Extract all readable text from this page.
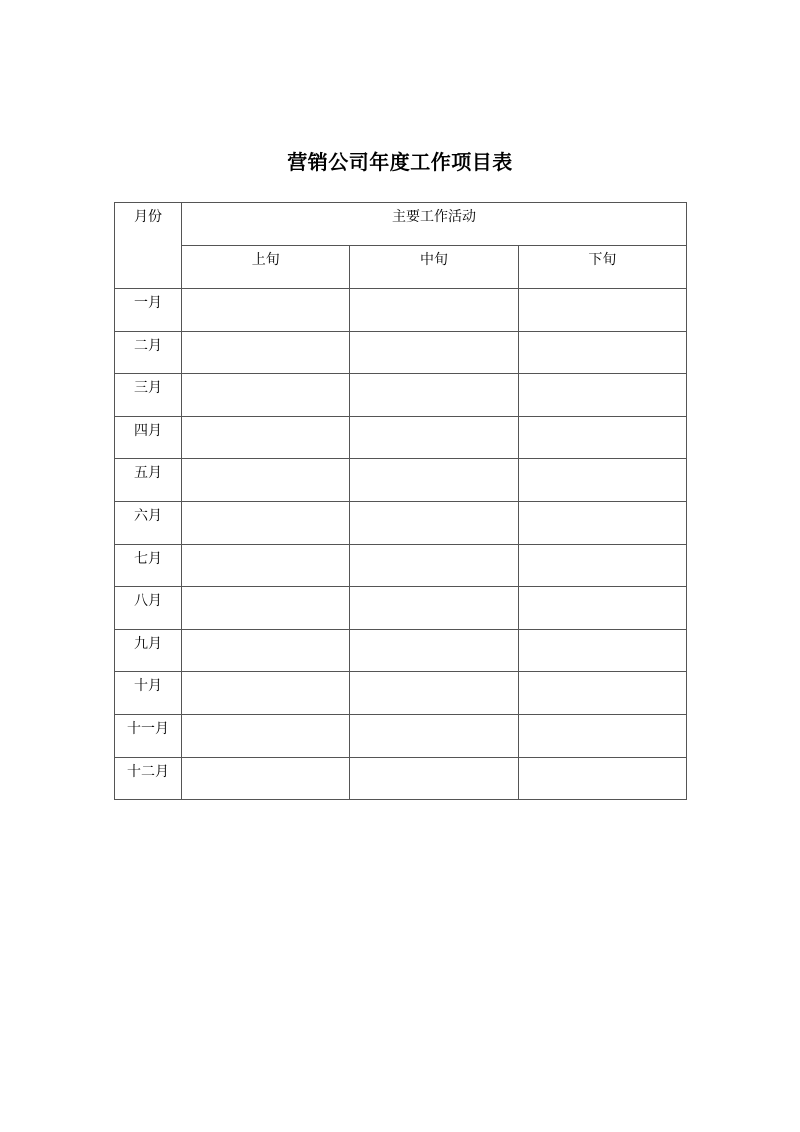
营销公司年度工作项目表
月份	主要工作活动		

	上旬	中旬	下旬

一月			

二月			

三月			

四月			

五月			

六月			

七月			

八月			

九月			

十月			

十一月			

十二月			
